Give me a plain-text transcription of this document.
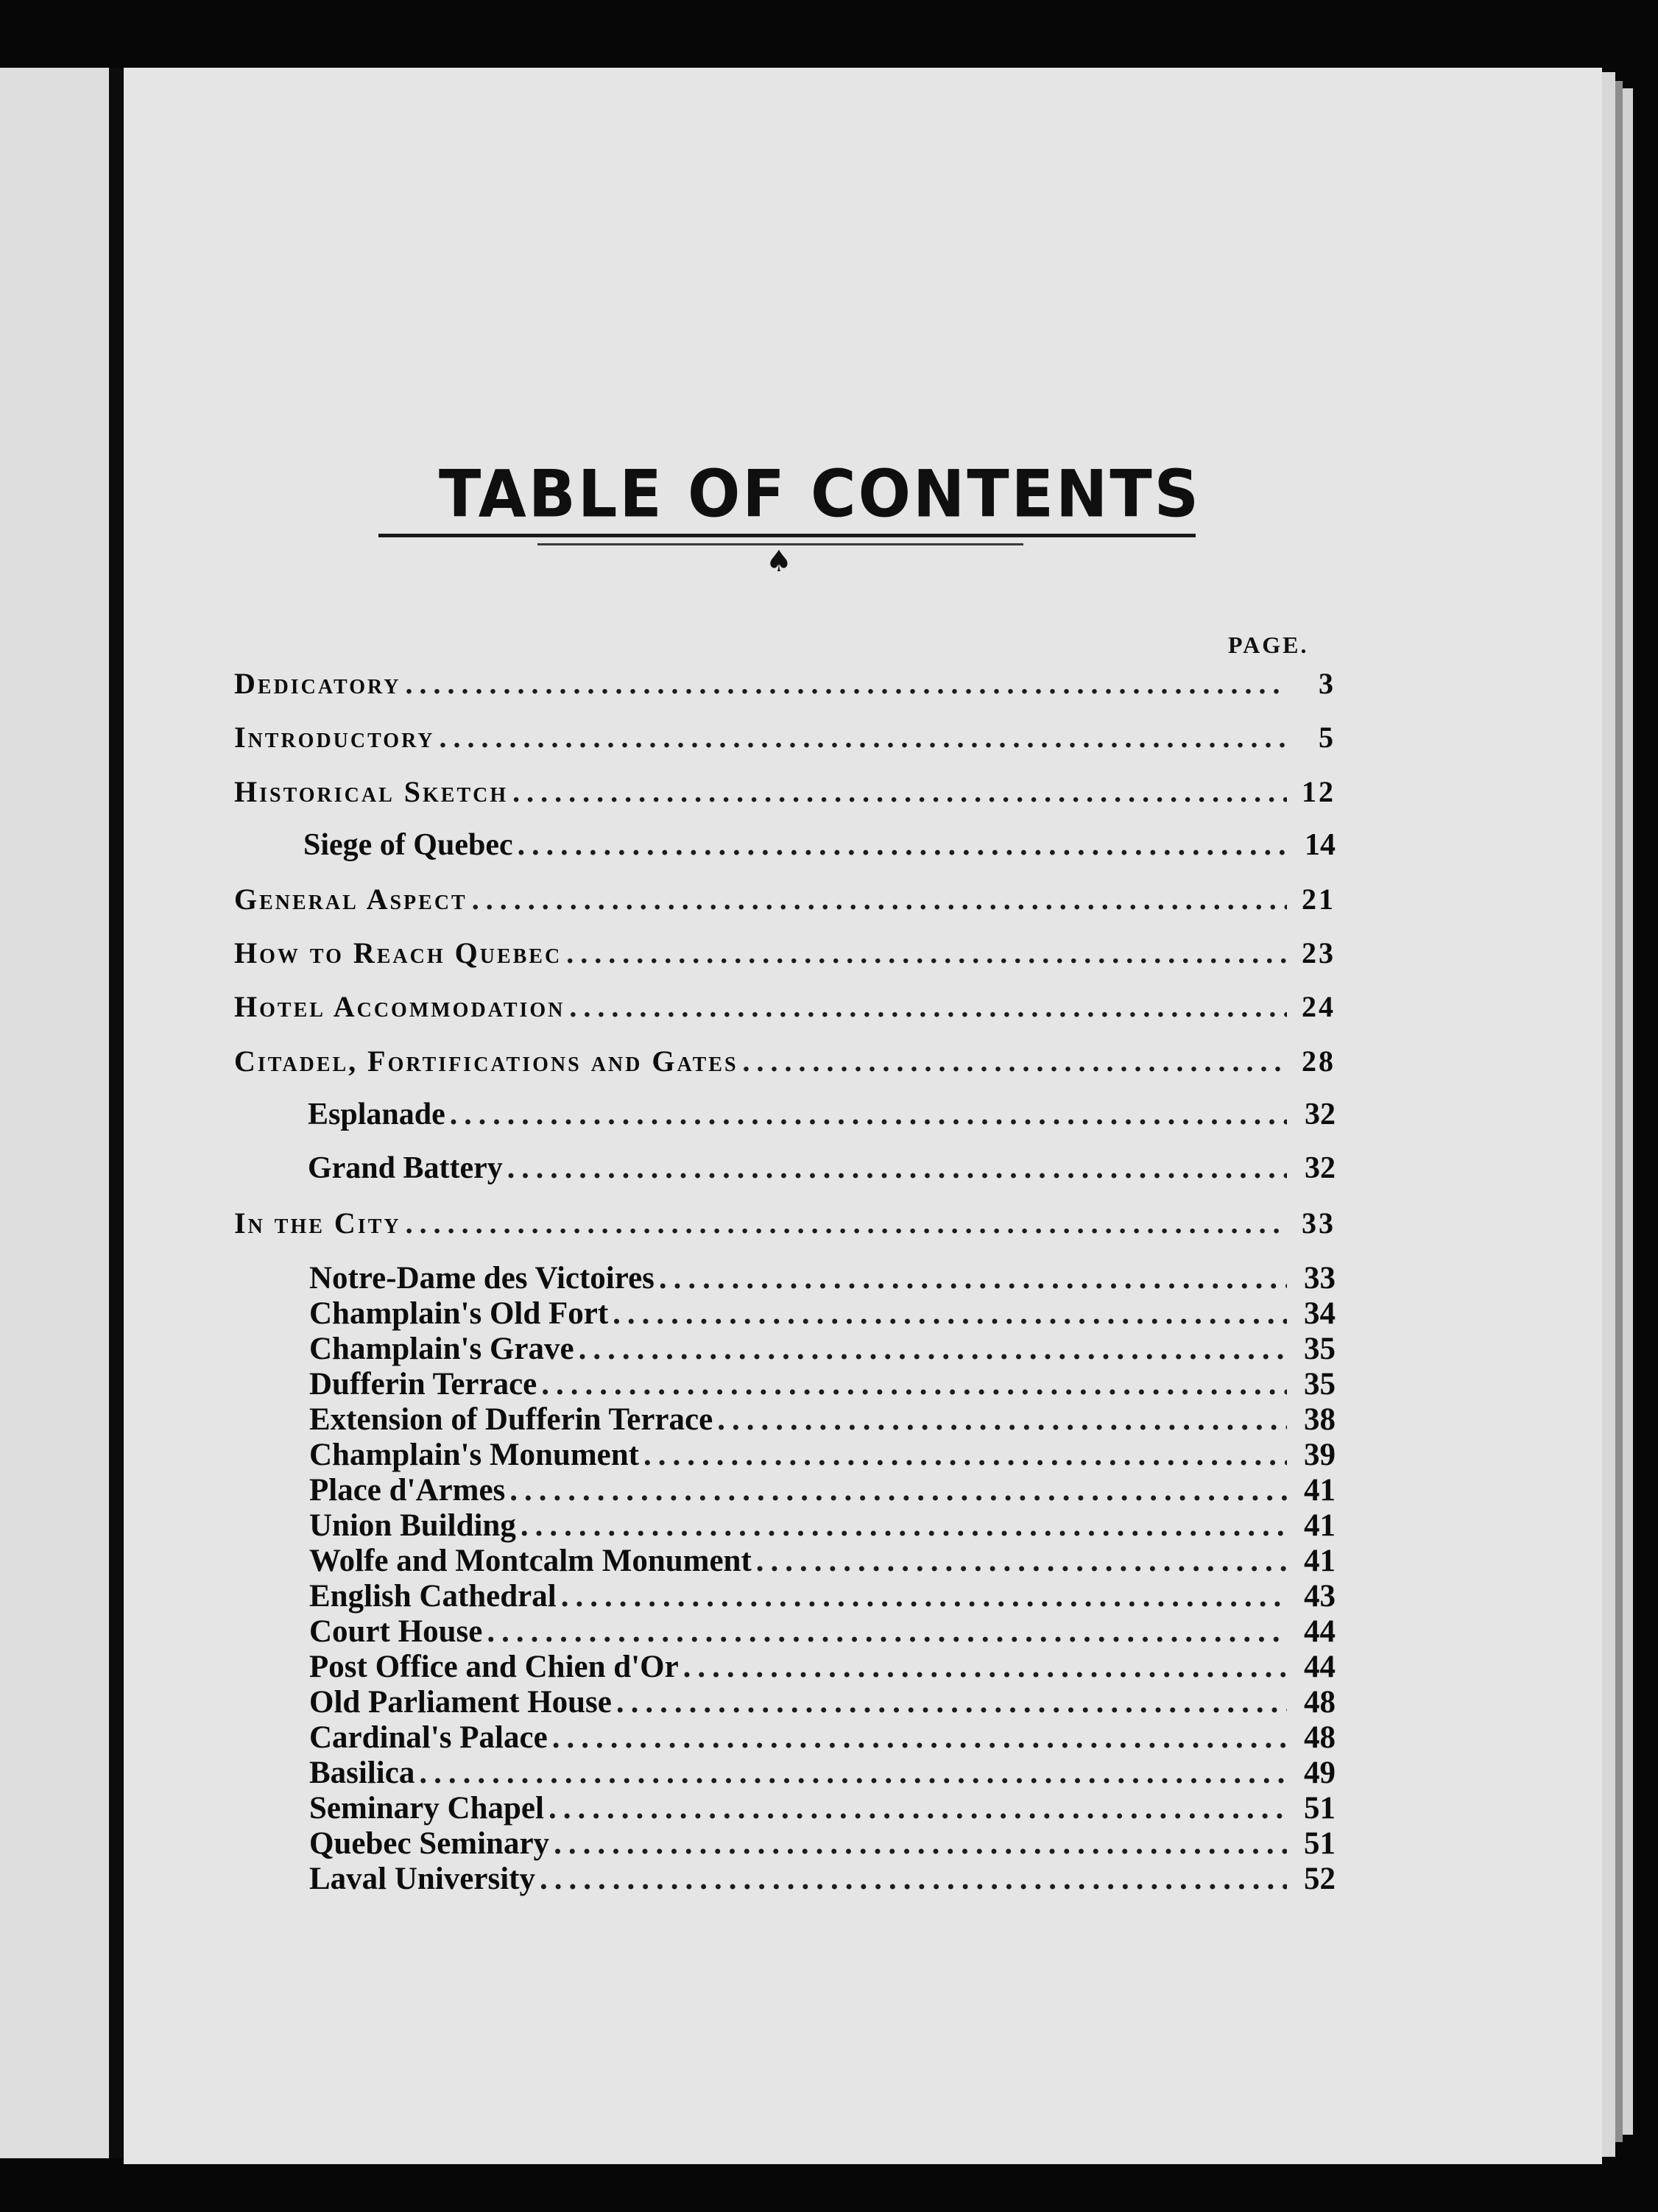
TABLE OF CONTENTS
♠
PAGE.
Dedicatory .....	3
Introductory .....	5
Historical Sketch .....	12
Siege of Quebec .....	14
General Aspect .....	21
How to Reach Quebec .....	23
Hotel Accommodation .....	24
Citadel, Fortifications and Gates .....	28
Esplanade .....	32
Grand Battery .....	32
In the City .....	33
Notre-Dame des Victoires .....	33
Champlain's Old Fort .....	34
Champlain's Grave .....	35
Dufferin Terrace .....	35
Extension of Dufferin Terrace .....	38
Champlain's Monument .....	39
Place d'Armes .....	41
Union Building .....	41
Wolfe and Montcalm Monument .....	41
English Cathedral .....	43
Court House .....	44
Post Office and Chien d'Or .....	44
Old Parliament House .....	48
Cardinal's Palace .....	48
Basilica .....	49
Seminary Chapel .....	51
Quebec Seminary .....	51
Laval University .....	52
